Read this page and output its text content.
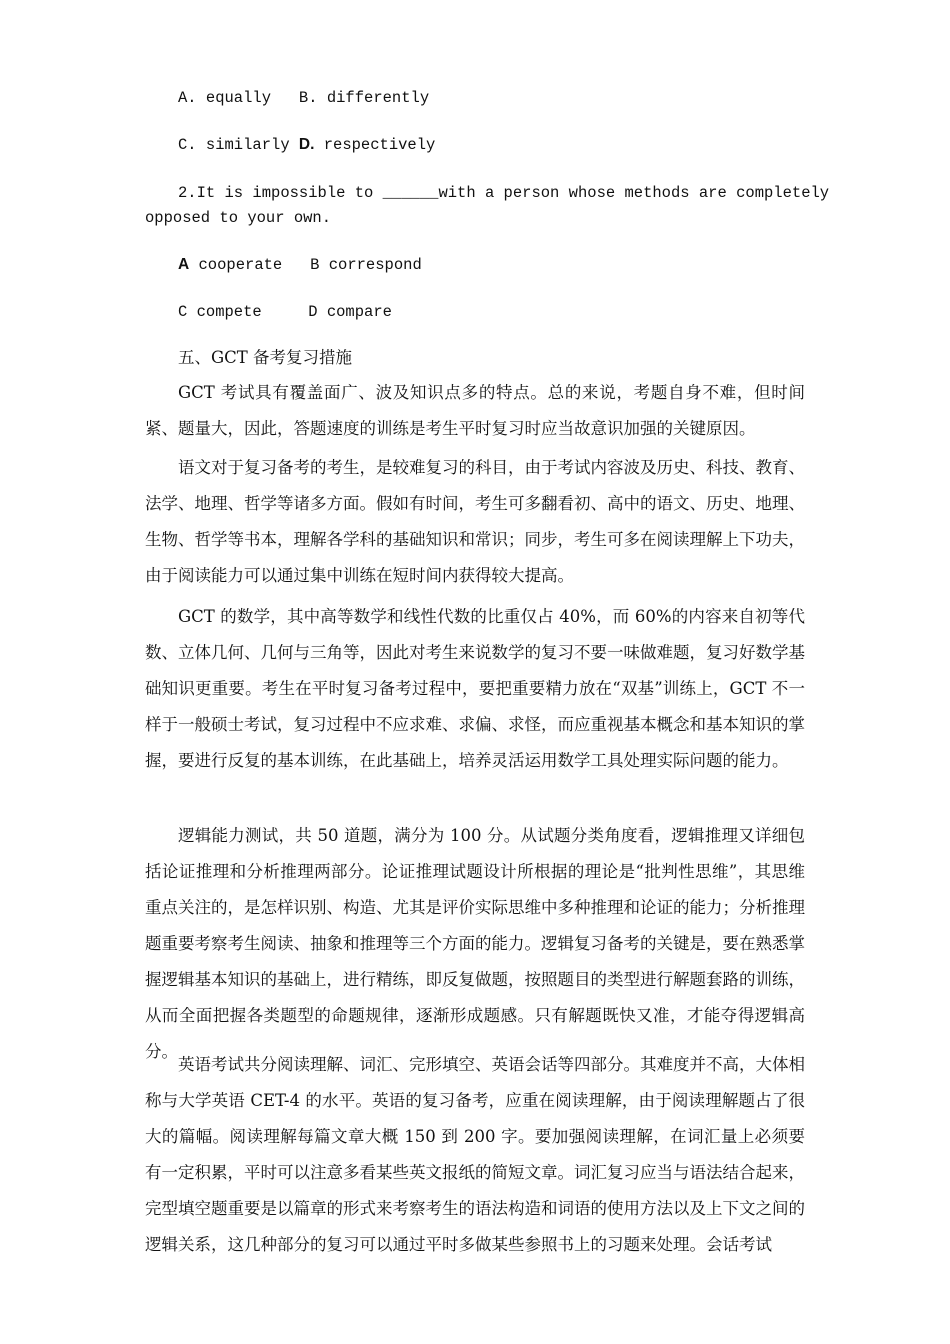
A. equally   B. differently
C. similarly D. respectively
2.It is impossible to ______with a person whose methods are completely
opposed to your own.
A cooperate   B correspond
C compete     D compare
五、GCT 备考复习措施

GCT 考试具有覆盖面广、波及知识点多的特点。总的来说，考题自身不难，但时间紧、题量大，因此，答题速度的训练是考生平时复习时应当故意识加强的关键原因。

语文对于复习备考的考生，是较难复习的科目，由于考试内容波及历史、科技、教育、法学、地理、哲学等诸多方面。假如有时间，考生可多翻看初、高中的语文、历史、地理、生物、哲学等书本，理解各学科的基础知识和常识；同步，考生可多在阅读理解上下功夫，由于阅读能力可以通过集中训练在短时间内获得较大提高。

GCT 的数学，其中高等数学和线性代数的比重仅占 40%，而 60%的内容来自初等代数、立体几何、几何与三角等，因此对考生来说数学的复习不要一味做难题，复习好数学基础知识更重要。考生在平时复习备考过程中，要把重要精力放在“双基”训练上，GCT 不一样于一般硕士考试，复习过程中不应求难、求偏、求怪，而应重视基本概念和基本知识的掌握，要进行反复的基本训练，在此基础上，培养灵活运用数学工具处理实际问题的能力。

逻辑能力测试，共 50 道题，满分为 100 分。从试题分类角度看，逻辑推理又详细包括论证推理和分析推理两部分。论证推理试题设计所根据的理论是“批判性思维”，其思维重点关注的，是怎样识别、构造、尤其是评价实际思维中多种推理和论证的能力；分析推理题重要考察考生阅读、抽象和推理等三个方面的能力。逻辑复习备考的关键是，要在熟悉掌握逻辑基本知识的基础上，进行精练，即反复做题，按照题目的类型进行解题套路的训练，从而全面把握各类题型的命题规律，逐渐形成题感。只有解题既快又准，才能夺得逻辑高分。

英语考试共分阅读理解、词汇、完形填空、英语会话等四部分。其难度并不高，大体相称与大学英语 CET-4 的水平。英语的复习备考，应重在阅读理解，由于阅读理解题占了很大的篇幅。阅读理解每篇文章大概 150 到 200 字。要加强阅读理解，在词汇量上必须要有一定积累，平时可以注意多看某些英文报纸的简短文章。词汇复习应当与语法结合起来，完型填空题重要是以篇章的形式来考察考生的语法构造和词语的使用方法以及上下文之间的逻辑关系，这几种部分的复习可以通过平时多做某些参照书上的习题来处理。会话考试
